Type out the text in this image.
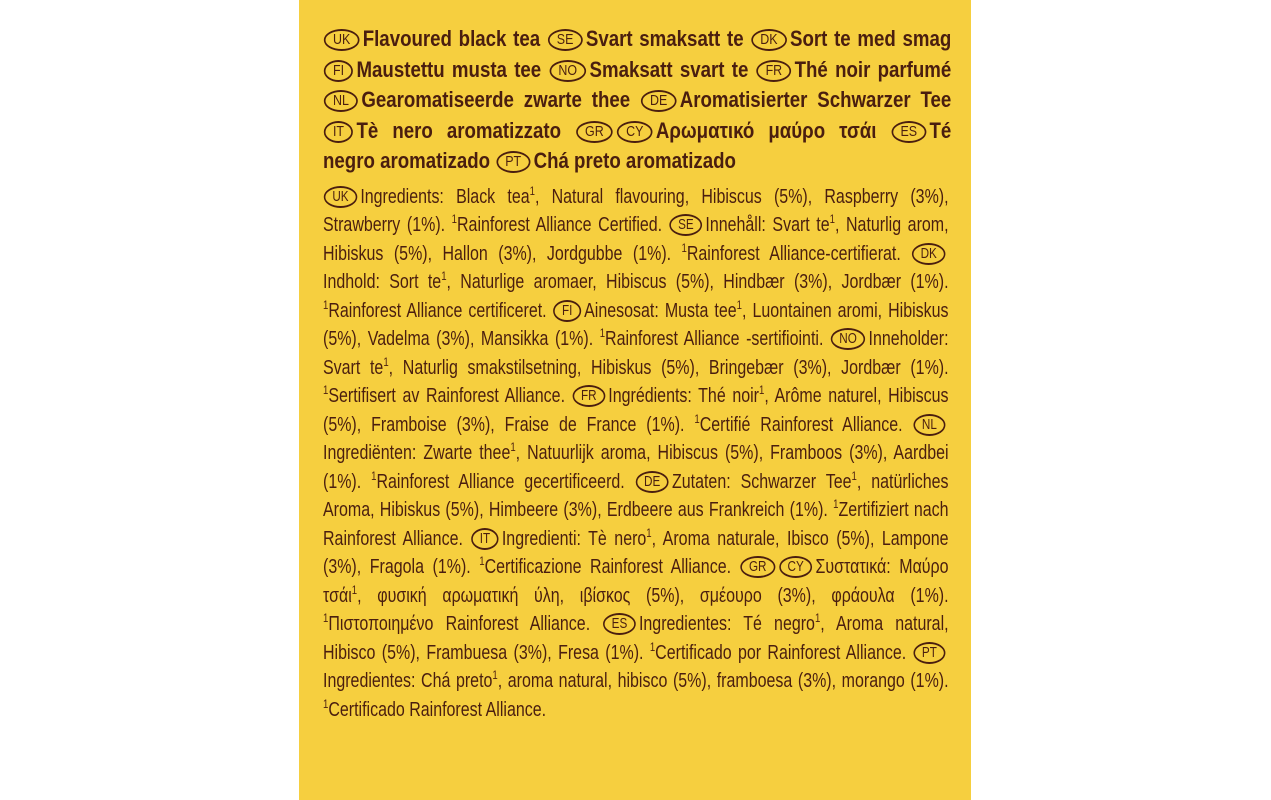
UK Flavoured black tea SE Svart smaksatt te DK Sort te med smag FI Maustettu musta tee NO Smaksatt svart te FR Thé noir parfumé NL Gearomatiseerde zwarte thee DE Aromatisierter Schwarzer Tee IT Tè nero aromatizzato GR CY Αρωματικό μαύρο τσάι ES Té negro aromatizado PT Chá preto aromatizado
UK Ingredients: Black tea$^1$, Natural flavouring, Hibiscus (5%), Raspberry (3%), Strawberry (1%). $^1$Rainforest Alliance Certified. SE Innehåll: Svart $te^1$, Naturlig arom, Hibiskus (5%), Hallon (3%), Jordgubbe (1%). $^1$Rainforest Alliance-certifierat. DKIndhold: Sort $te^1$, Naturlige aromaer, Hibiscus (5%), Hindbær (3%), Jordbær (1%). $^1$Rainforest Alliance certificeret. FI Ainesosat: Musta tee$^1$, Luontainen aromi, Hibiskus (5%), Vadelma (3%), Mansikka (1%). $^1$Rainforest Alliance -sertifiointi. NO Inneholder: Svart $te^1$, Naturlig smakstilsetning, Hibiskus (5%), Bringebær (3%), Jordbær (1%). $^1$Sertifisert av Rainforest Alliance. FR Ingrédients: Thé noir$^1$, Arôme naturel, Hibiscus (5%), Framboise (3%), Fraise de France (1%). $^1$Certifié Rainforest Alliance. NLIngrediënten: Zwarte thee$^1$, Natuurlijk aroma, Hibiscus (5%), Framboos (3%), Aardbei (1%). $^1$Rainforest Alliance gecertificeerd. DE Zutaten: Schwarzer Tee$^1$, natürliches Aroma, Hibiskus (5%), Himbeere (3%), Erdbeere aus Frankreich (1%). $^1$Zertifiziert nach Rainforest Alliance. IT Ingredienti: Tè nero$^1$, Aroma naturale, Ibisco (5%), Lampone (3%), Fragola (1%). $^1$Certificazione Rainforest Alliance. GR CY Συστατικά: Μαύρο τσάι$^1$, φυσική αρωματική ύλη, ιβίσκος (5%), σμέουρο (3%), φράουλα (1%). $^1$Πιστοποιημένο Rainforest Alliance. ES Ingredientes: Té negro$^1$, Aroma natural, Hibisco (5%), Frambuesa (3%), Fresa (1%). $^1$Certificado por Rainforest Alliance. PTIngredientes: Chá preto$^1$, aroma natural, hibisco (5%), framboesa (3%), morango (1%). $^1$Certificado Rainforest Alliance.
